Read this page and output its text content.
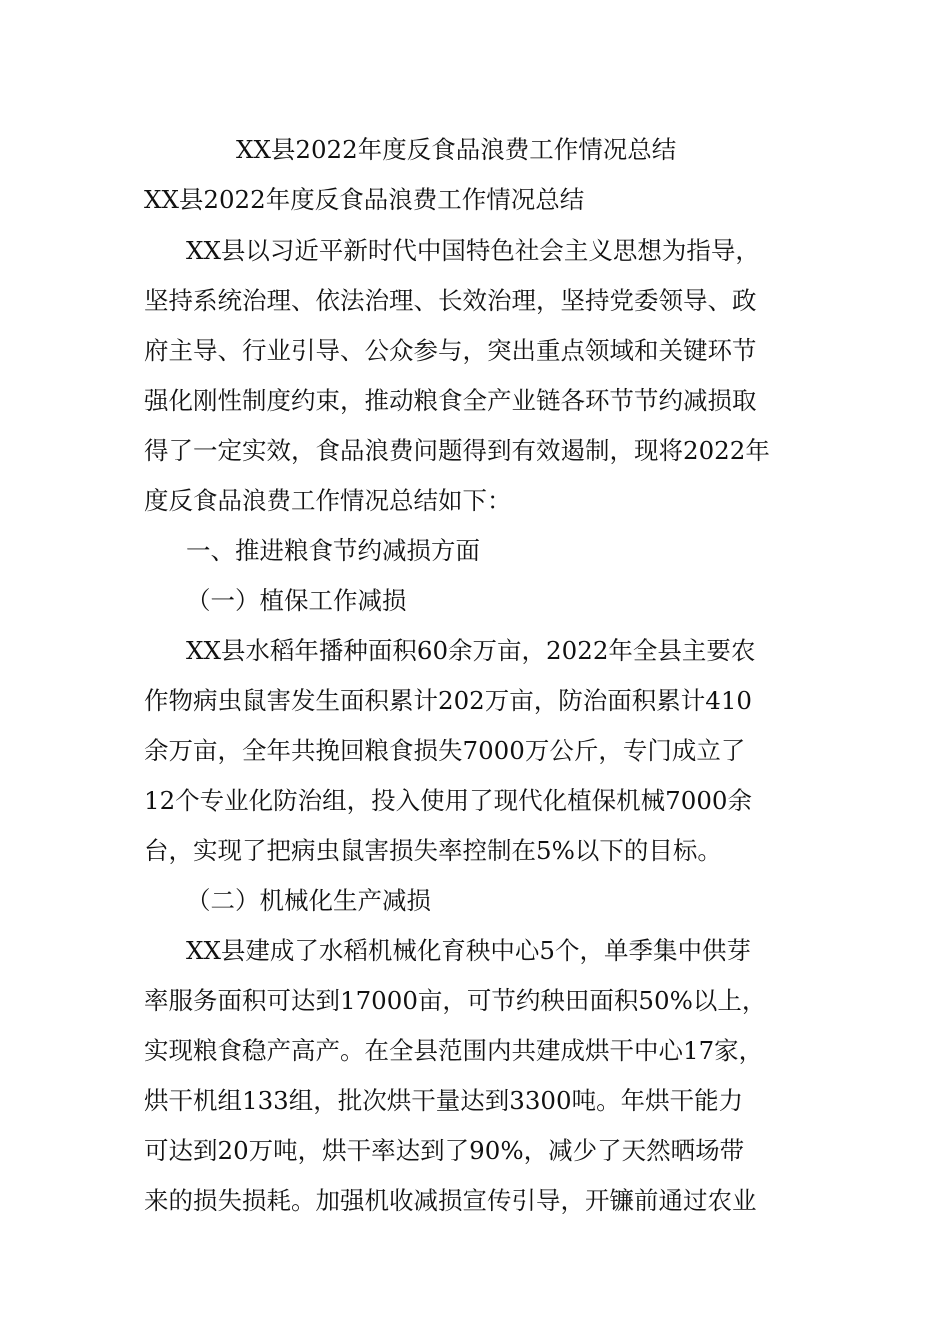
XX县2022年度反食品浪费工作情况总结
XX县2022年度反食品浪费工作情况总结
XX县以习近平新时代中国特色社会主义思想为指导，
坚持系统治理、依法治理、长效治理，坚持党委领导、政
府主导、行业引导、公众参与，突出重点领域和关键环节
强化刚性制度约束，推动粮食全产业链各环节节约减损取
得了一定实效，食品浪费问题得到有效遏制，现将2022年
度反食品浪费工作情况总结如下：
一、推进粮食节约减损方面
（一）植保工作减损
XX县水稻年播种面积60余万亩，2022年全县主要农
作物病虫鼠害发生面积累计202万亩，防治面积累计410
余万亩，全年共挽回粮食损失7000万公斤，专门成立了
12个专业化防治组，投入使用了现代化植保机械7000余
台，实现了把病虫鼠害损失率控制在5%以下的目标。
（二）机械化生产减损
XX县建成了水稻机械化育秧中心5个，单季集中供芽
率服务面积可达到17000亩，可节约秧田面积50%以上，
实现粮食稳产高产。在全县范围内共建成烘干中心17家，
烘干机组133组，批次烘干量达到3300吨。年烘干能力
可达到20万吨，烘干率达到了90%，减少了天然晒场带
来的损失损耗。加强机收减损宣传引导，开镰前通过农业
